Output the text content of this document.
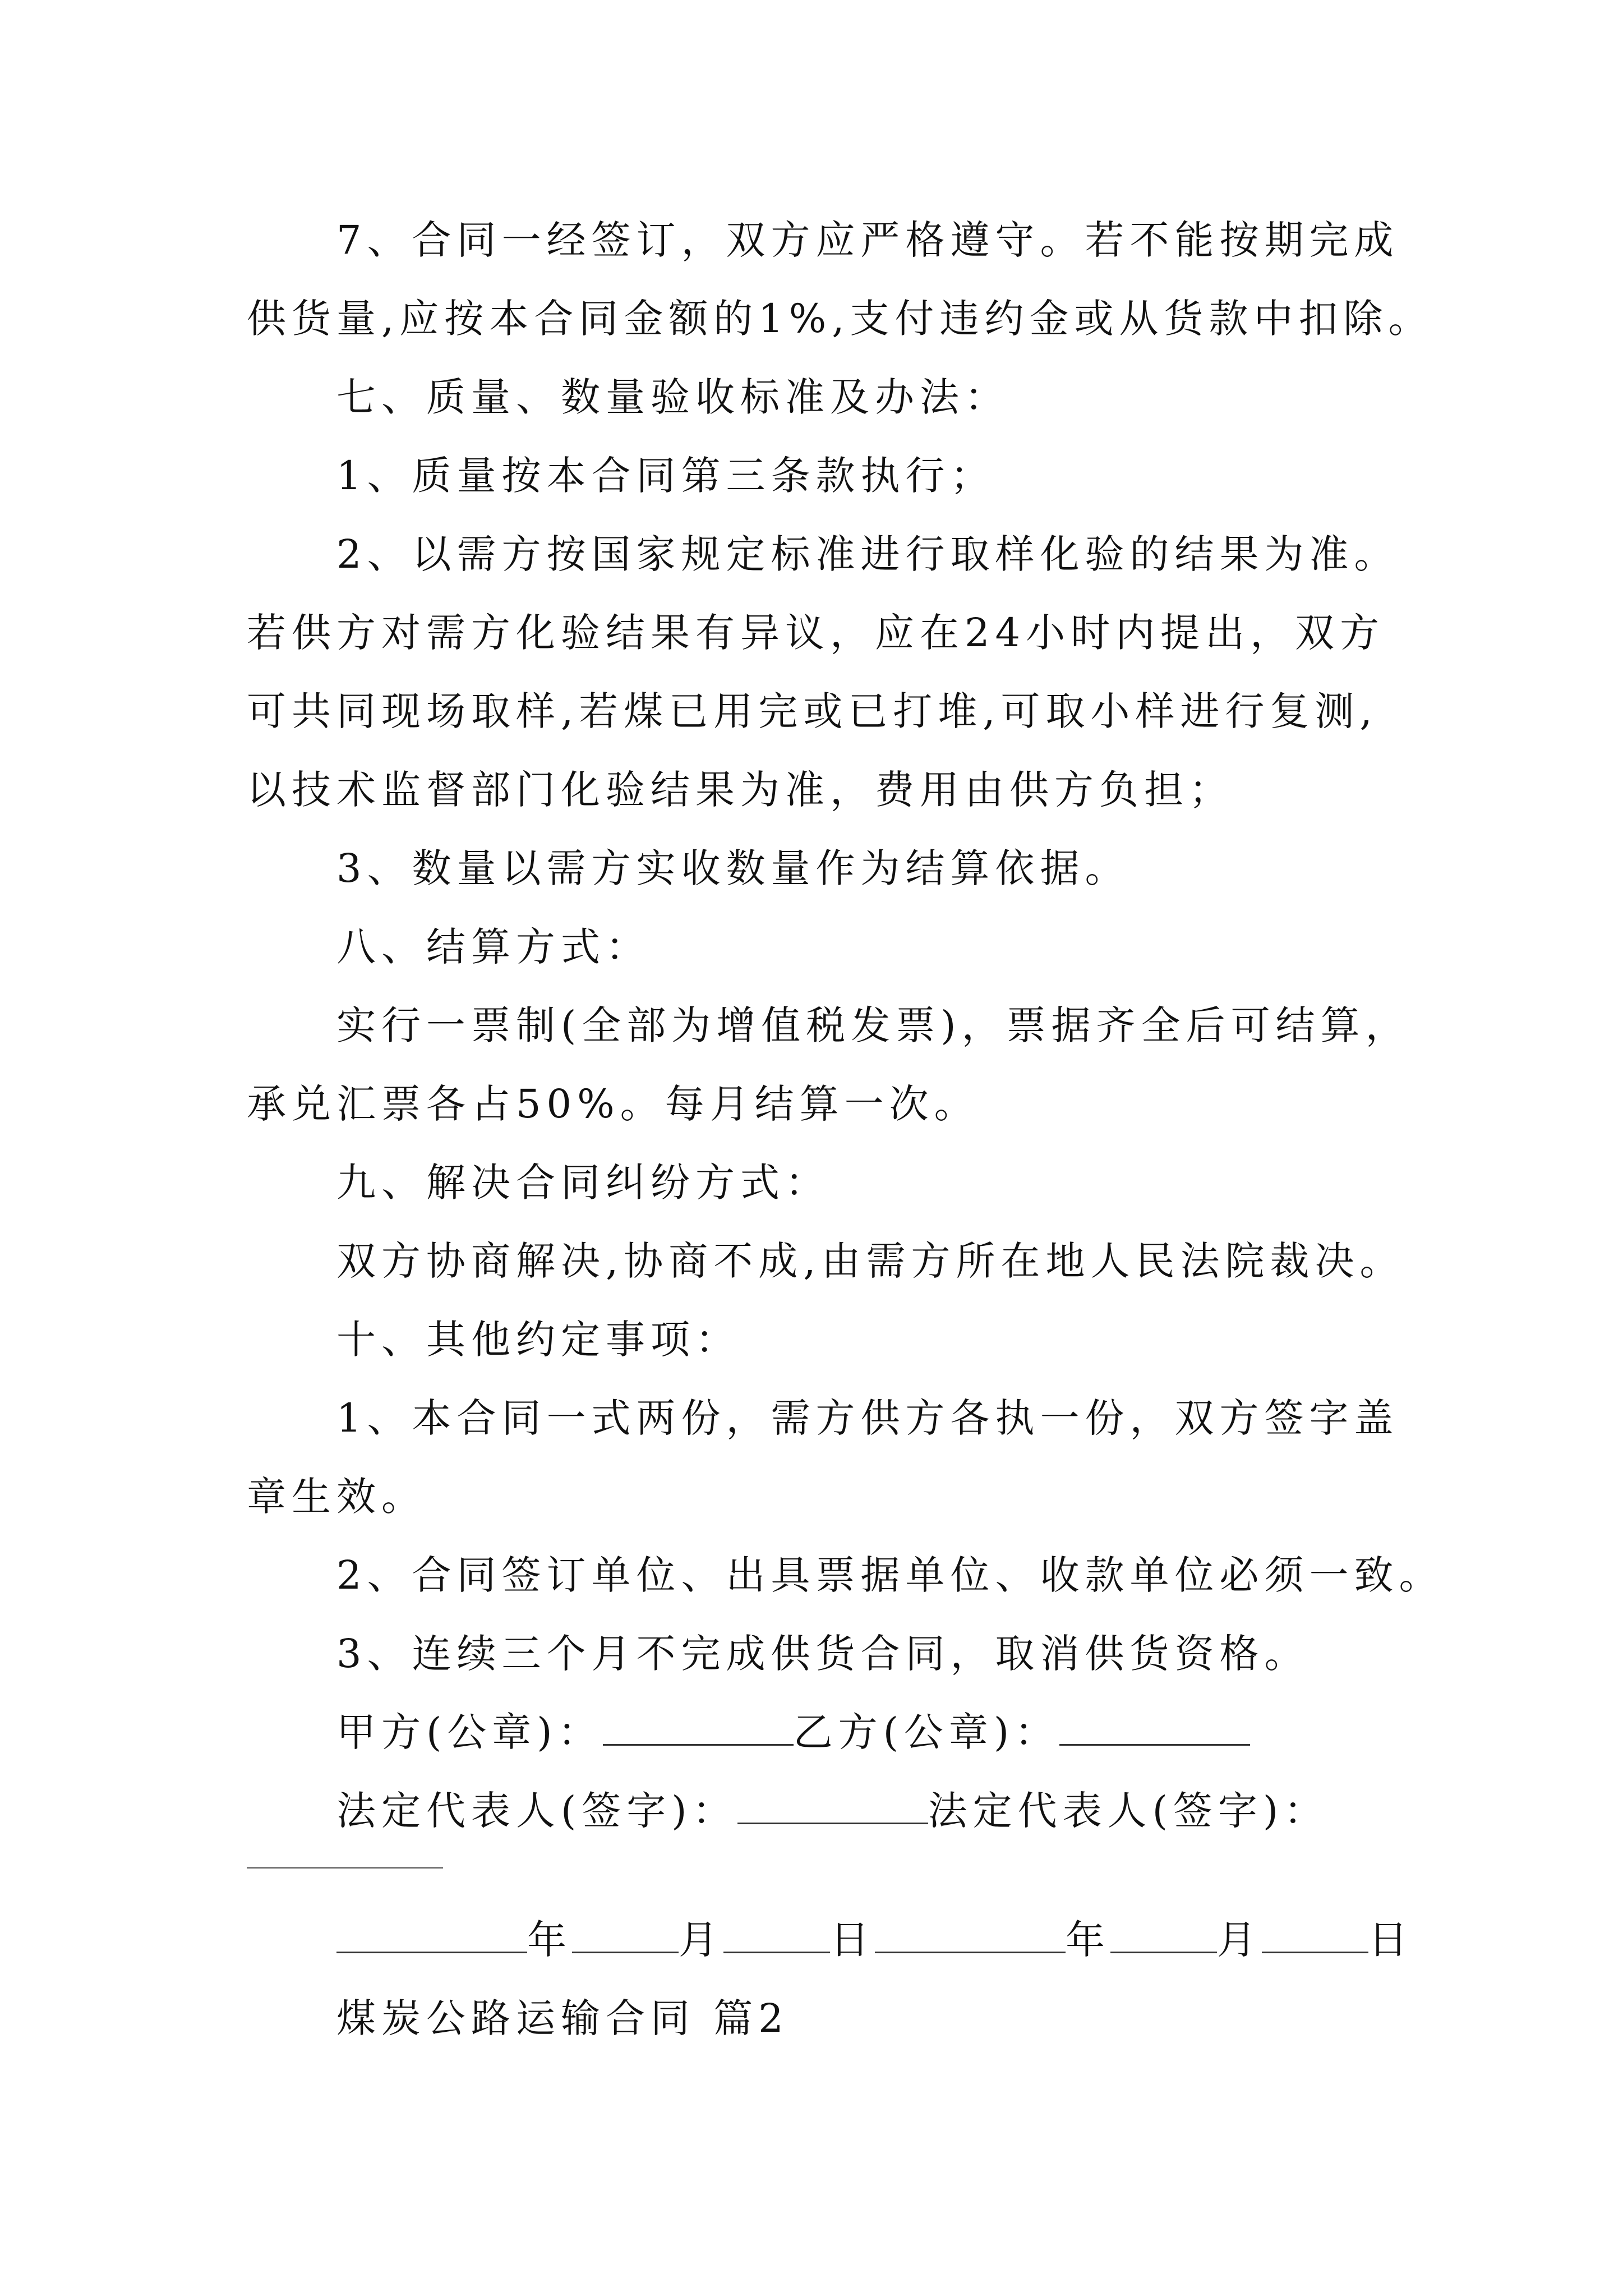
7、合同一经签订，双方应严格遵守。若不能按期完成
供货量,应按本合同金额的1%,支付违约金或从货款中扣除。
七、质量、数量验收标准及办法：
1、质量按本合同第三条款执行；
2、以需方按国家规定标准进行取样化验的结果为准。
若供方对需方化验结果有异议，应在24小时内提出，双方
可共同现场取样,若煤已用完或已打堆,可取小样进行复测,
以技术监督部门化验结果为准，费用由供方负担；
3、数量以需方实收数量作为结算依据。
八、结算方式：
实行一票制(全部为增值税发票)，票据齐全后可结算，
承兑汇票各占50%。每月结算一次。
九、解决合同纠纷方式：
双方协商解决,协商不成,由需方所在地人民法院裁决。
十、其他约定事项：
1、本合同一式两份，需方供方各执一份，双方签字盖
章生效。
2、合同签订单位、出具票据单位、收款单位必须一致。
3、连续三个月不完成供货合同，取消供货资格。
甲方(公章)：	乙方(公章)：
法定代表人(签字)：	法定代表人(签字)：
年	月	日	年	月	日
煤炭公路运输合同 篇2
